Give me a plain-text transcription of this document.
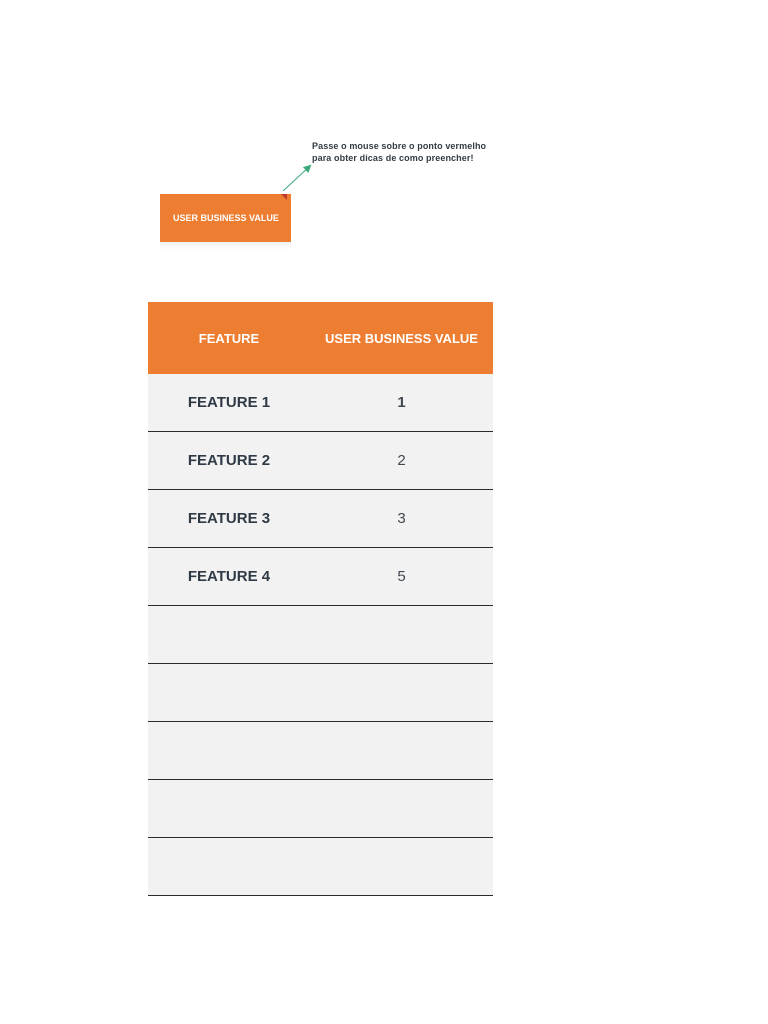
Passe o mouse sobre o ponto vermelho para obter dicas de como preencher!
USER BUSINESS VALUE
FEATURE	USER BUSINESS VALUE
FEATURE 1	1
FEATURE 2	2
FEATURE 3	3
FEATURE 4	5
